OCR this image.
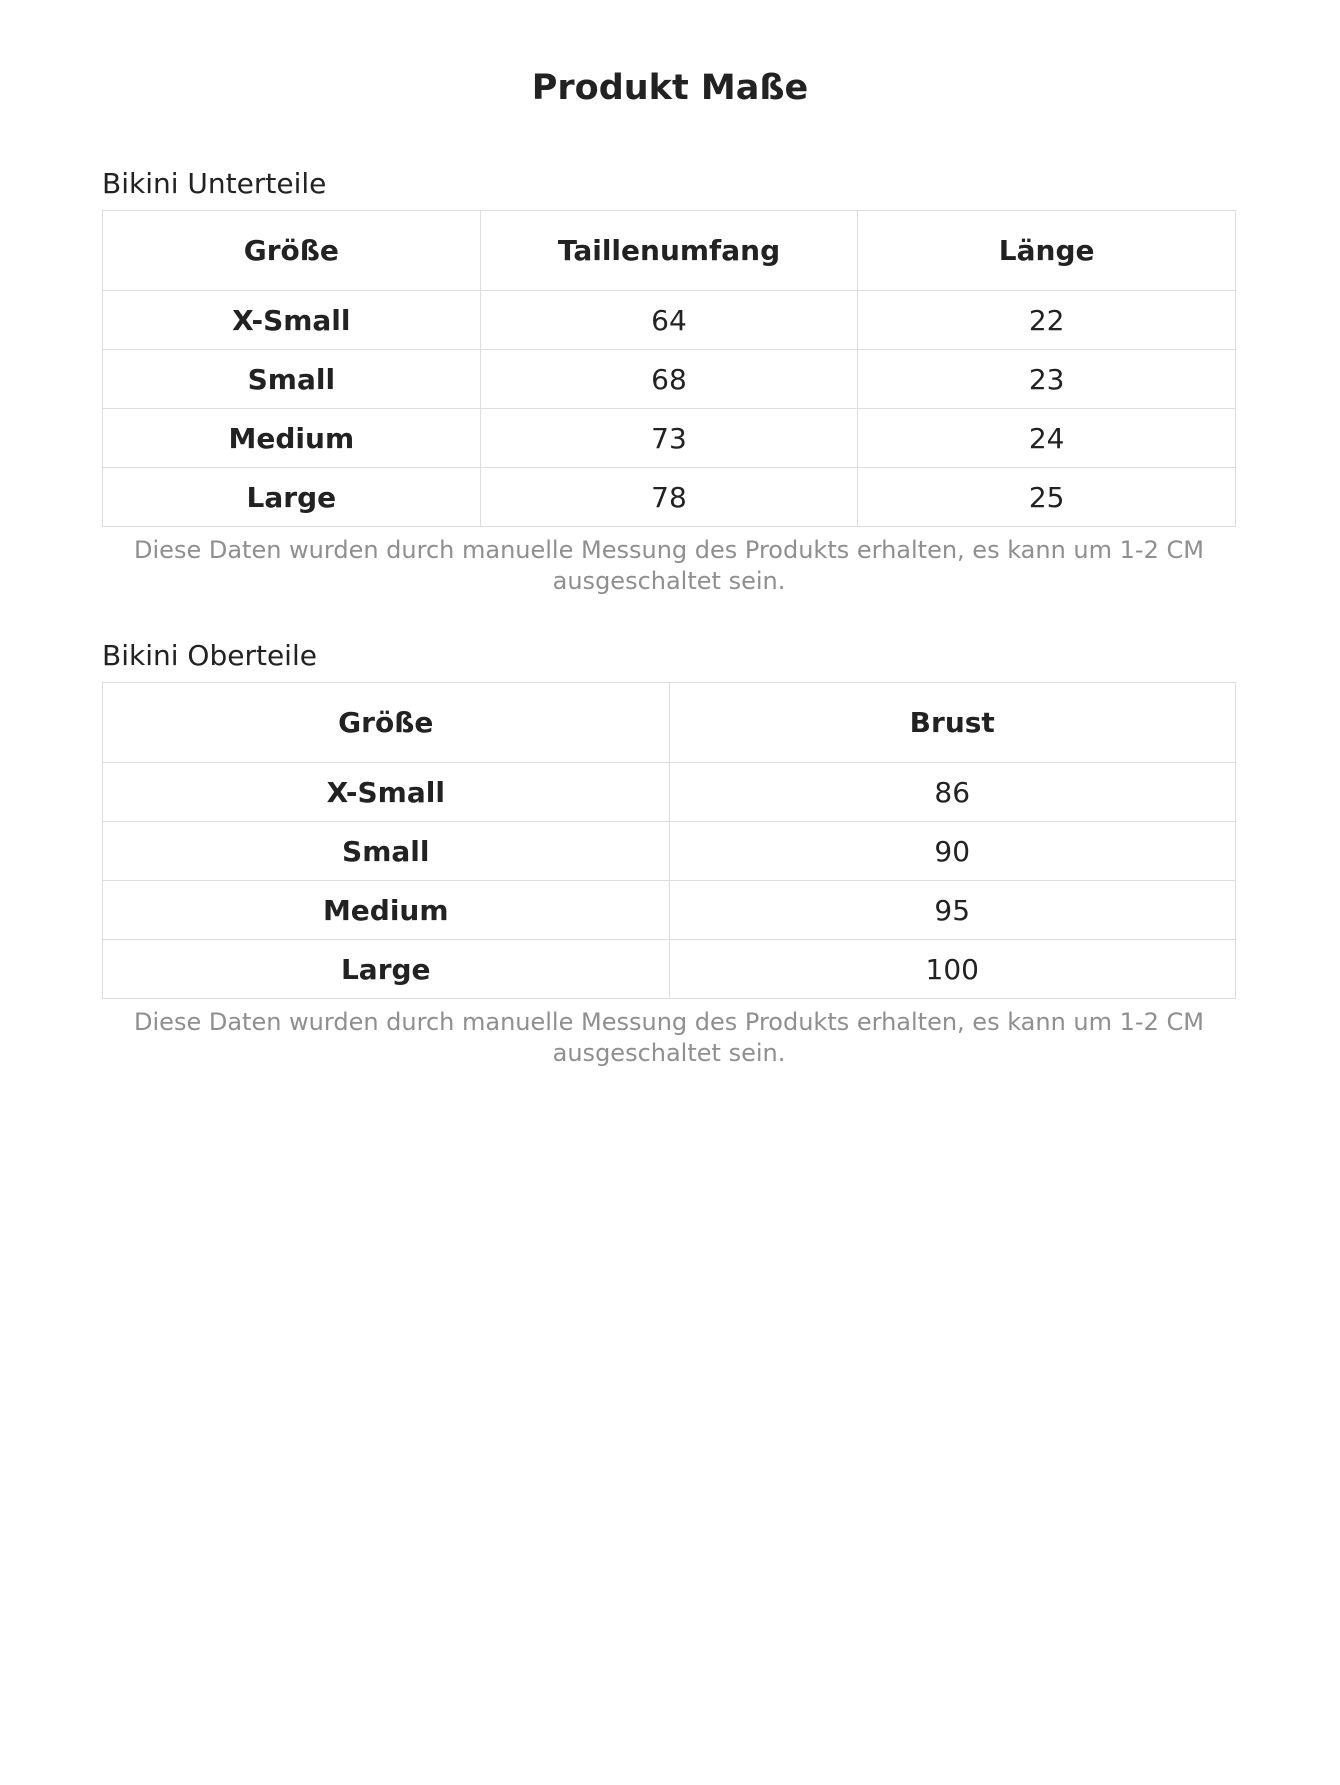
Produkt Maße
Bikini Unterteile
Größe	Taillenumfang	Länge
X-Small	64	22
Small	68	23
Medium	73	24
Large	78	25
Diese Daten wurden durch manuelle Messung des Produkts erhalten, es kann um 1-2 CM ausgeschaltet sein.
Bikini Oberteile
Größe	Brust
X-Small	86
Small	90
Medium	95
Large	100
Diese Daten wurden durch manuelle Messung des Produkts erhalten, es kann um 1-2 CM ausgeschaltet sein.
